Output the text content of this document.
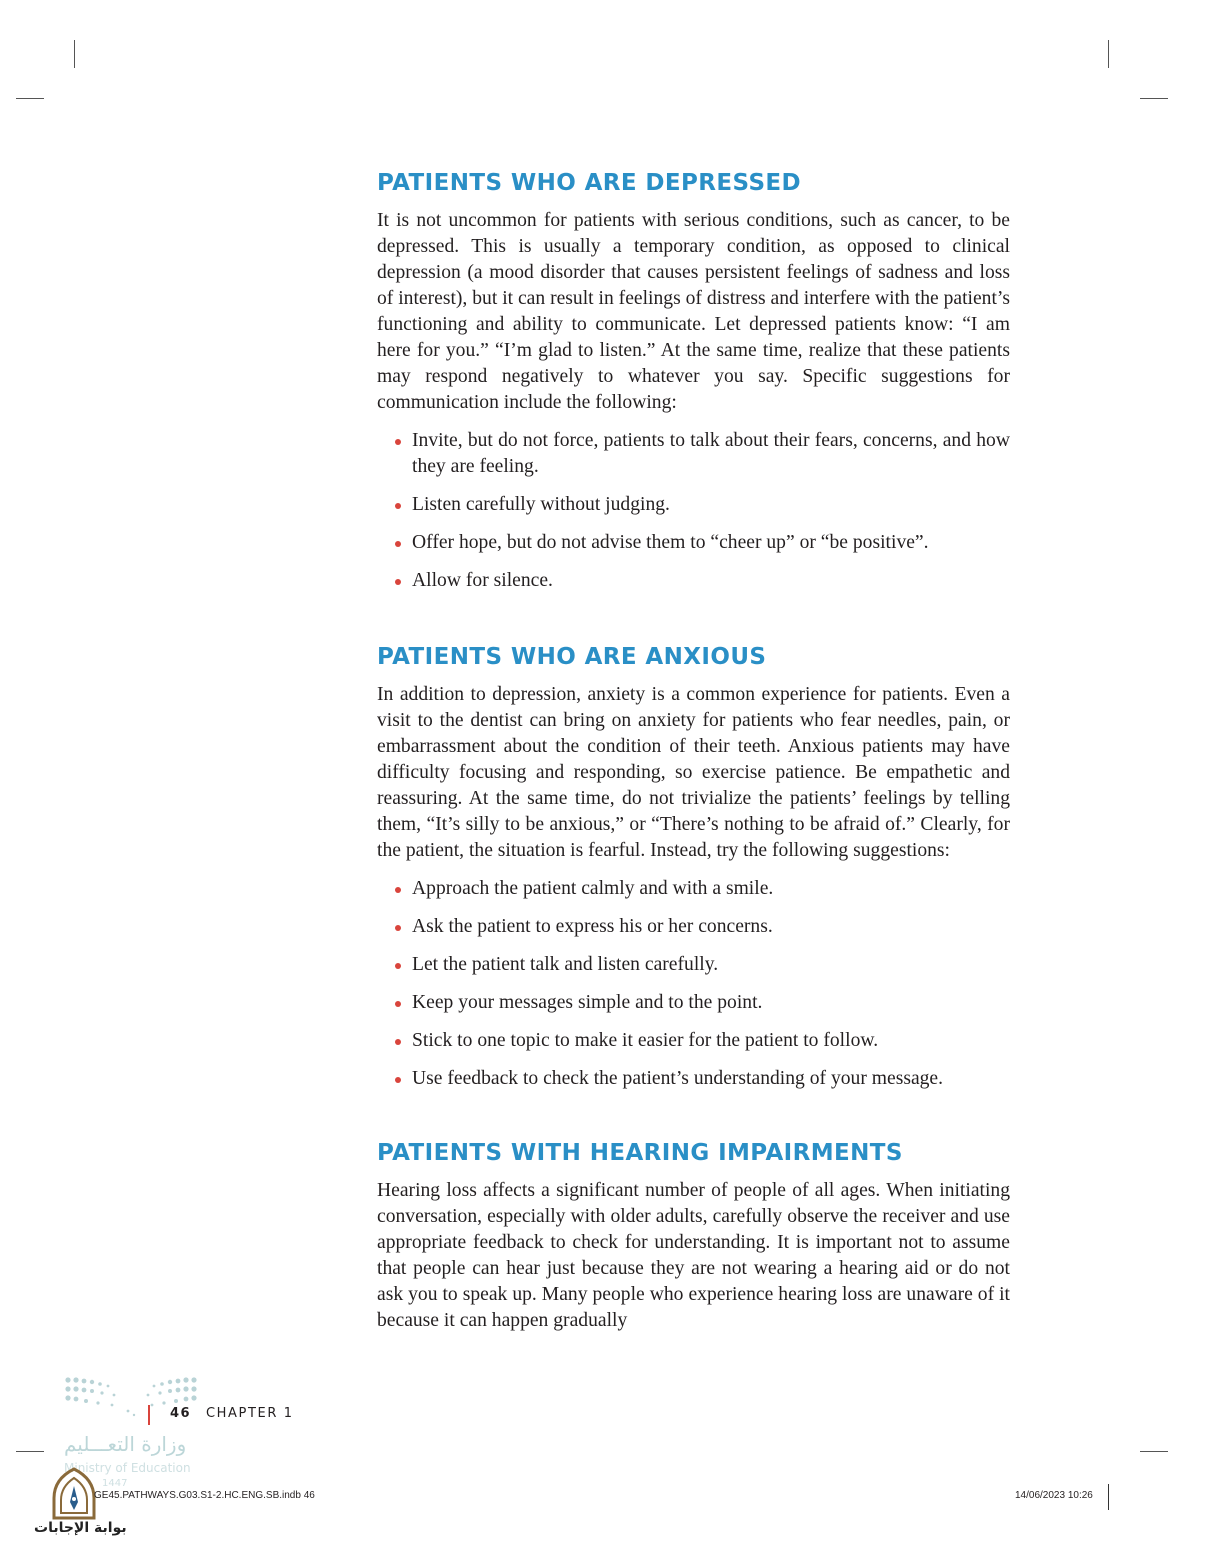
PATIENTS WHO ARE DEPRESSED

It is not uncommon for patients with serious conditions, such as cancer, to be depressed. This is usually a temporary condition, as opposed to clinical depression (a mood disorder that causes persistent feelings of sadness and loss of interest), but it can result in feelings of distress and interfere with the patient’s functioning and ability to communicate. Let depressed patients know: “I am here for you.” “I’m glad to listen.” At the same time, realize that these patients may respond negatively to whatever you say. Specific suggestions for communication include the following:

Invite, but do not force, patients to talk about their fears, concerns, and how they are feeling.
Listen carefully without judging.
Offer hope, but do not advise them to “cheer up” or “be positive”.
Allow for silence.
PATIENTS WHO ARE ANXIOUS

In addition to depression, anxiety is a common experience for patients. Even a visit to the dentist can bring on anxiety for patients who fear needles, pain, or embarrassment about the condition of their teeth. Anxious patients may have difficulty focusing and responding, so exercise patience. Be empathetic and reassuring. At the same time, do not trivialize the patients’ feelings by telling them, “It’s silly to be anxious,” or “There’s nothing to be afraid of.” Clearly, for the patient, the situation is fearful. Instead, try the following suggestions:

Approach the patient calmly and with a smile.
Ask the patient to express his or her concerns.
Let the patient talk and listen carefully.
Keep your messages simple and to the point.
Stick to one topic to make it easier for the patient to follow.
Use feedback to check the patient’s understanding of your message.
PATIENTS WITH HEARING IMPAIRMENTS

Hearing loss affects a significant number of people of all ages. When initiating conversation, especially with older adults, carefully observe the receiver and use appropriate feedback to check for understanding. It is important not to assume that people can hear just because they are not wearing a hearing aid or do not ask you to speak up. Many people who experience hearing loss are unaware of it because it can happen gradually

46 CHAPTER 1
وزارة التعـــليم
Ministry of Education
1447
GE45.PATHWAYS.G03.S1-2.HC.ENG.SB.indb 46	14/06/2023 10:26
بوابة الإجابات
